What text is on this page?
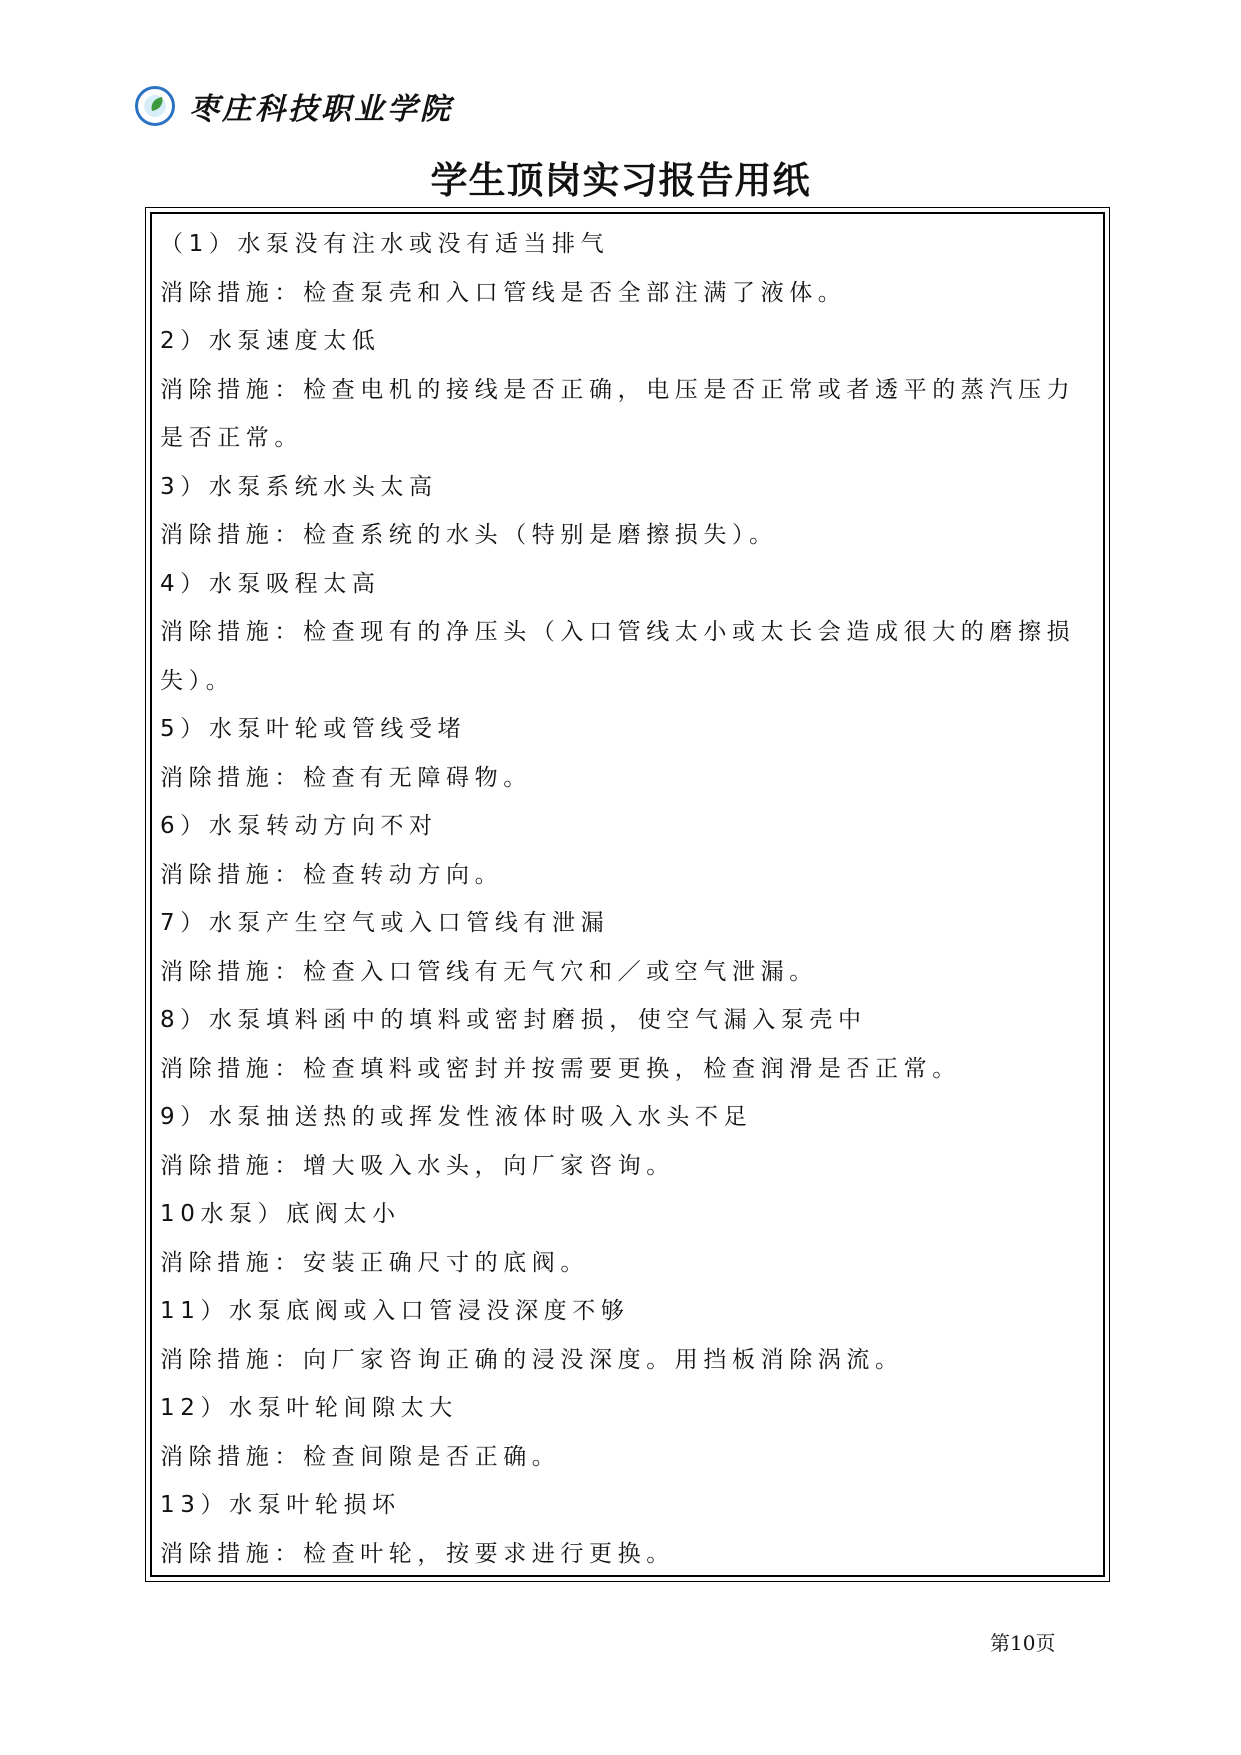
枣庄科技职业学院
学生顶岗实习报告用纸
（1）水泵没有注水或没有适当排气
消除措施：检查泵壳和入口管线是否全部注满了液体。
2）水泵速度太低
消除措施：检查电机的接线是否正确，电压是否正常或者透平的蒸汽压力
是否正常。
3）水泵系统水头太高
消除措施：检查系统的水头（特别是磨擦损失）。
4）水泵吸程太高
消除措施：检查现有的净压头（入口管线太小或太长会造成很大的磨擦损
失）。
5）水泵叶轮或管线受堵
消除措施：检查有无障碍物。
6）水泵转动方向不对
消除措施：检查转动方向。
7）水泵产生空气或入口管线有泄漏
消除措施：检查入口管线有无气穴和／或空气泄漏。
8）水泵填料函中的填料或密封磨损，使空气漏入泵壳中
消除措施：检查填料或密封并按需要更换，检查润滑是否正常。
9）水泵抽送热的或挥发性液体时吸入水头不足
消除措施：增大吸入水头，向厂家咨询。
10水泵）底阀太小
消除措施：安装正确尺寸的底阀。
11）水泵底阀或入口管浸没深度不够
消除措施：向厂家咨询正确的浸没深度。用挡板消除涡流。
12）水泵叶轮间隙太大
消除措施：检查间隙是否正确。
13）水泵叶轮损坏
消除措施：检查叶轮，按要求进行更换。
第10页
